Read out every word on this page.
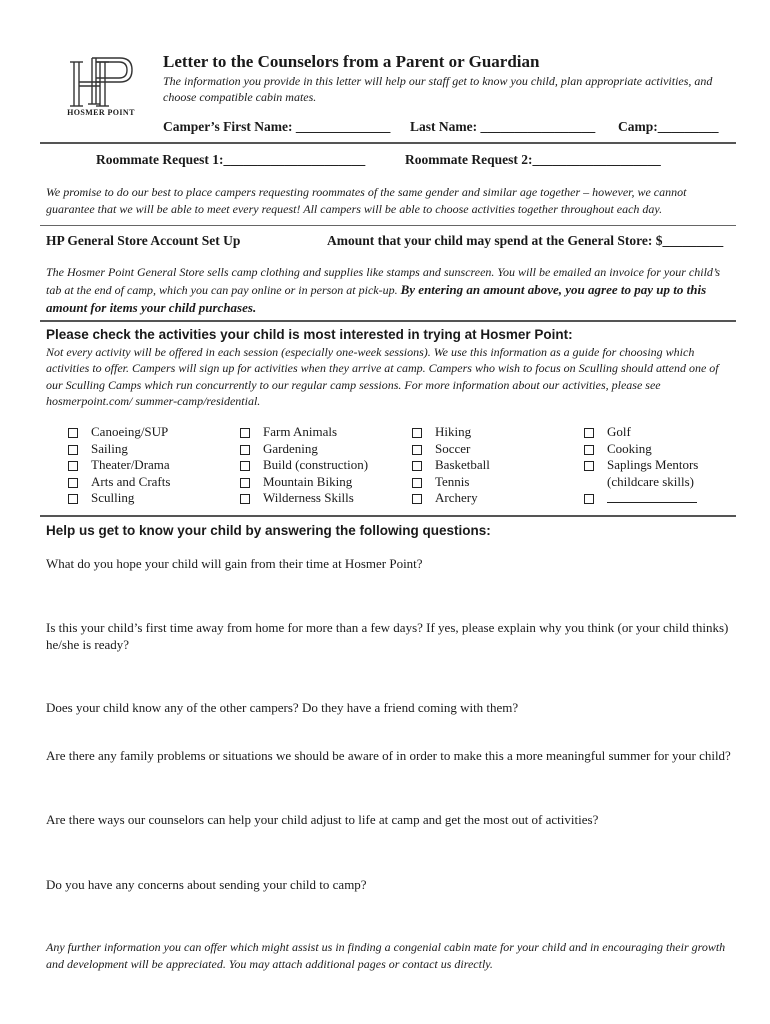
HOSMER POINT
Letter to the Counselors from a Parent or Guardian
The information you provide in this letter will help our staff get to know you child, plan appropriate activities, and choose compatible cabin mates.
Camper’s First Name: ______________ Last Name: _________________ Camp:_________
Roommate Request 1:_____________________	Roommate Request 2:___________________
We promise to do our best to place campers requesting roommates of the same gender and similar age together – however, we cannot guarantee that we will be able to meet every request! All campers will be able to choose activities together throughout each day.
HP General Store Account Set Up	Amount that your child may spend at the General Store: $_________
The Hosmer Point General Store sells camp clothing and supplies like stamps and sunscreen. You will be emailed an invoice for your child’s tab at the end of camp, which you can pay online or in person at pick-up. By entering an amount above, you agree to pay up to this amount for items your child purchases.
Please check the activities your child is most interested in trying at Hosmer Point:
Not every activity will be offered in each session (especially one-week sessions). We use this information as a guide for choosing which activities to offer. Campers will sign up for activities when they arrive at camp. Campers who wish to focus on Sculling should attend one of our Sculling Camps which run concurrently to our regular camp sessions. For more information about our activities, please see hosmerpoint.com/ summer-camp/residential.
Canoeing/SUP
Sailing
Theater/Drama
Arts and Crafts
Sculling
Farm Animals
Gardening
Build (construction)
Mountain Biking
Wilderness Skills
Hiking
Soccer
Basketball
Tennis
Archery
Golf
Cooking
Saplings Mentors
(childcare skills)
Help us get to know your child by answering the following questions:
What do you hope your child will gain from their time at Hosmer Point?
Is this your child’s first time away from home for more than a few days? If yes, please explain why you think (or your child thinks) he/she is ready?
Does your child know any of the other campers? Do they have a friend coming with them?
Are there any family problems or situations we should be aware of in order to make this a more meaningful summer for your child?
Are there ways our counselors can help your child adjust to life at camp and get the most out of activities?
Do you have any concerns about sending your child to camp?
Any further information you can offer which might assist us in finding a congenial cabin mate for your child and in encouraging their growth and development will be appreciated. You may attach additional pages or contact us directly.
